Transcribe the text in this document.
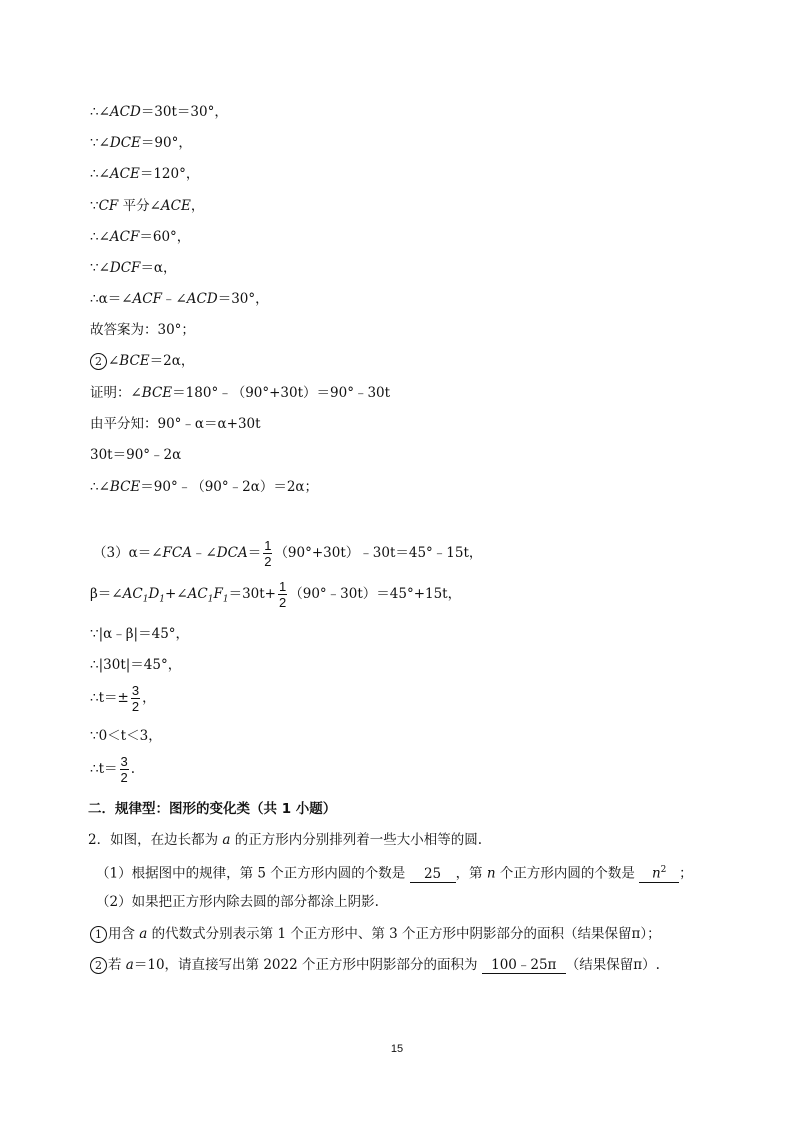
∴∠ACD＝30t＝30°，
∵∠DCE＝90°，
∴∠ACE＝120°，
∵CF 平分∠ACE，
∴∠ACF＝60°，
∵∠DCF＝α，
∴α＝∠ACF﹣∠ACD＝30°，
故答案为：30°；
2 ∠BCE＝2α，
证明：∠BCE＝180°﹣（90°+30t）＝90°﹣30t
由平分知：90°﹣α＝α+30t
30t＝90°﹣2α
∴∠BCE＝90°﹣（90°﹣2α）＝2α；
（3）α＝∠FCA﹣∠DCA＝ $\frac{1}{2}$ （90°+30t）﹣30t＝45°﹣15t，
$\beta=\angle AC_1D_1+\angle AC_1F_1=30t+ \frac{1}{2}$ （90°﹣30t）＝45°+15t，
∵|α﹣β|＝45°，
∴|30t|＝45°，
∴t＝± $\frac{3}{2}$ ，
∵0＜t＜3，
∴t＝ $\frac{3}{2}$ .
二．规律型：图形的变化类（共 1 小题）
2．如图，在边长都为 a 的正方形内分别排列着一些大小相等的圆.
（1）根据图中的规律，第 5 个正方形内圆的个数是 25 ，第 n 个正方形内圆的个数是 $n^2$ ；
（2）如果把正方形内除去圆的部分都涂上阴影.
1 用含 a 的代数式分别表示第 1 个正方形中、第 3 个正方形中阴影部分的面积（结果保留π）；
2 若 a＝10，请直接写出第 2022 个正方形中阴影部分的面积为 100﹣25π （结果保留π）.
15
